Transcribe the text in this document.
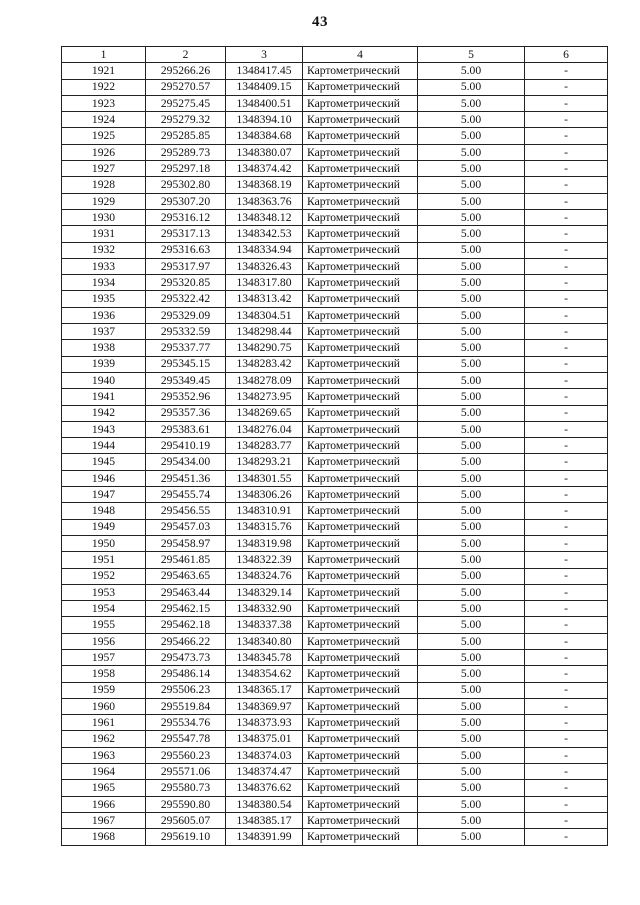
43
1	2	3	4	5	6
1921	295266.26	1348417.45	Картометрический	5.00	-
1922	295270.57	1348409.15	Картометрический	5.00	-
1923	295275.45	1348400.51	Картометрический	5.00	-
1924	295279.32	1348394.10	Картометрический	5.00	-
1925	295285.85	1348384.68	Картометрический	5.00	-
1926	295289.73	1348380.07	Картометрический	5.00	-
1927	295297.18	1348374.42	Картометрический	5.00	-
1928	295302.80	1348368.19	Картометрический	5.00	-
1929	295307.20	1348363.76	Картометрический	5.00	-
1930	295316.12	1348348.12	Картометрический	5.00	-
1931	295317.13	1348342.53	Картометрический	5.00	-
1932	295316.63	1348334.94	Картометрический	5.00	-
1933	295317.97	1348326.43	Картометрический	5.00	-
1934	295320.85	1348317.80	Картометрический	5.00	-
1935	295322.42	1348313.42	Картометрический	5.00	-
1936	295329.09	1348304.51	Картометрический	5.00	-
1937	295332.59	1348298.44	Картометрический	5.00	-
1938	295337.77	1348290.75	Картометрический	5.00	-
1939	295345.15	1348283.42	Картометрический	5.00	-
1940	295349.45	1348278.09	Картометрический	5.00	-
1941	295352.96	1348273.95	Картометрический	5.00	-
1942	295357.36	1348269.65	Картометрический	5.00	-
1943	295383.61	1348276.04	Картометрический	5.00	-
1944	295410.19	1348283.77	Картометрический	5.00	-
1945	295434.00	1348293.21	Картометрический	5.00	-
1946	295451.36	1348301.55	Картометрический	5.00	-
1947	295455.74	1348306.26	Картометрический	5.00	-
1948	295456.55	1348310.91	Картометрический	5.00	-
1949	295457.03	1348315.76	Картометрический	5.00	-
1950	295458.97	1348319.98	Картометрический	5.00	-
1951	295461.85	1348322.39	Картометрический	5.00	-
1952	295463.65	1348324.76	Картометрический	5.00	-
1953	295463.44	1348329.14	Картометрический	5.00	-
1954	295462.15	1348332.90	Картометрический	5.00	-
1955	295462.18	1348337.38	Картометрический	5.00	-
1956	295466.22	1348340.80	Картометрический	5.00	-
1957	295473.73	1348345.78	Картометрический	5.00	-
1958	295486.14	1348354.62	Картометрический	5.00	-
1959	295506.23	1348365.17	Картометрический	5.00	-
1960	295519.84	1348369.97	Картометрический	5.00	-
1961	295534.76	1348373.93	Картометрический	5.00	-
1962	295547.78	1348375.01	Картометрический	5.00	-
1963	295560.23	1348374.03	Картометрический	5.00	-
1964	295571.06	1348374.47	Картометрический	5.00	-
1965	295580.73	1348376.62	Картометрический	5.00	-
1966	295590.80	1348380.54	Картометрический	5.00	-
1967	295605.07	1348385.17	Картометрический	5.00	-
1968	295619.10	1348391.99	Картометрический	5.00	-
